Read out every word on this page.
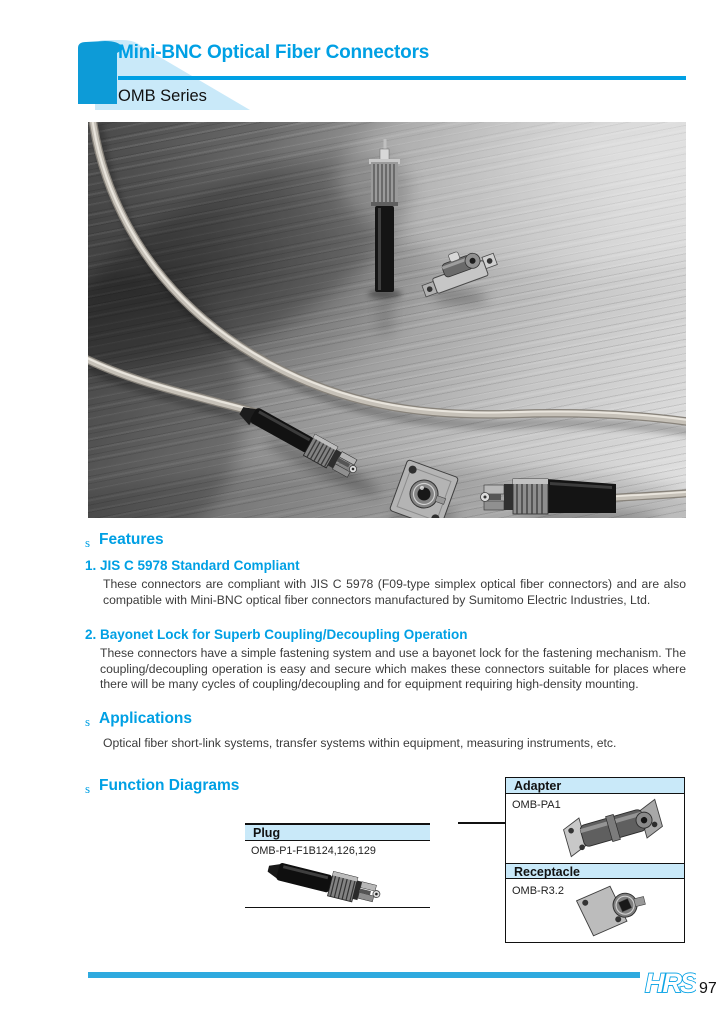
Mini-BNC Optical Fiber Connectors
OMB Series
s Features
1. JIS C 5978 Standard Compliant
These connectors are compliant with JIS C 5978 (F09-type simplex optical fiber connectors) and are also compatible with Mini-BNC optical fiber connectors manufactured by Sumitomo Electric Industries, Ltd.
2. Bayonet Lock for Superb Coupling/Decoupling Operation
These connectors have a simple fastening system and use a bayonet lock for the fastening mechanism. The coupling/decoupling operation is easy and secure which makes these connectors suitable for places where there will be many cycles of coupling/decoupling and for equipment requiring high-density mounting.
s Applications
Optical fiber short-link systems, transfer systems within equipment, measuring instruments, etc.
s Function Diagrams
Plug
OMB-P1-F1B124,126,129
Adapter
OMB-PA1
Receptacle
OMB-R3.2
HRS 97
